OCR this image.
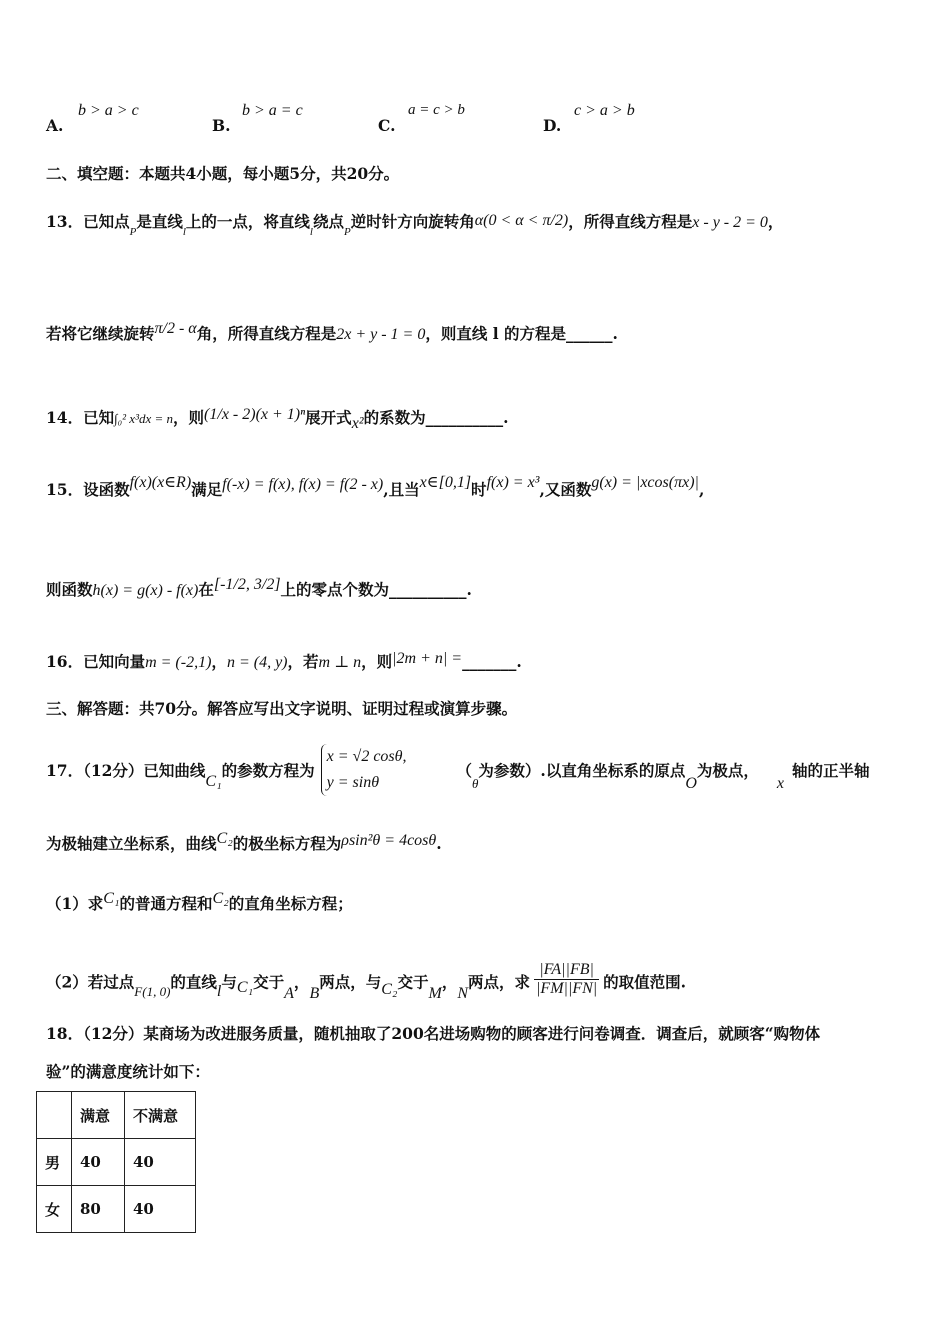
A.
b > a > c
B.
b > a = c
C.
a = c > b
D.
c > a > b
二、填空题：本题共4小题，每小题5分，共20分。
13．已知点$_P$是直线$_l$上的一点，将直线$_l$绕点$_P$逆时针方向旋转角α(0 < α < π/2)，所得直线方程是x - y - 2 = 0，
若将它继续旋转π/2 - α角，所得直线方程是2x + y - 1 = 0，则直线 l 的方程是______.
14．已知∫₀² x³dx = n，则(1/x - 2)(x + 1)ⁿ展开式x²的系数为__________.
15．设函数f(x)(x∈R)满足f(-x) = f(x), f(x) = f(2 - x),且当x∈[0,1]时f(x) = x³,又函数g(x) = |xcos(πx)|,
则函数h(x) = g(x) - f(x)在[-1/2, 3/2]上的零点个数为__________.
16．已知向量m = (-2,1)，n = (4, y)，若m ⊥ n，则|2m + n| =_______.
三、解答题：共70分。解答应写出文字说明、证明过程或演算步骤。
17．（12分）已知曲线C₁的参数方程为
x = √2 cosθ,
y = sinθ
（$_\theta$为参数）.以直角坐标系的原点O为极点，x轴的正半轴
为极轴建立坐标系，曲线C₂的极坐标方程为ρsin²θ = 4cosθ.
（1）求C₁的普通方程和C₂的直角坐标方程；
（2）若过点$_{F(1, 0)}$的直线l与C₁交于A，B两点，与C₂交于M，N两点，求 $\frac{|FA||FB|}{|FM||FN|}$ 的取值范围.
18．（12分）某商场为改进服务质量，随机抽取了200名进场购物的顾客进行问卷调查．调查后，就顾客“购物体
验”的满意度统计如下：
	满意	不满意
男	40	40
女	80	40
